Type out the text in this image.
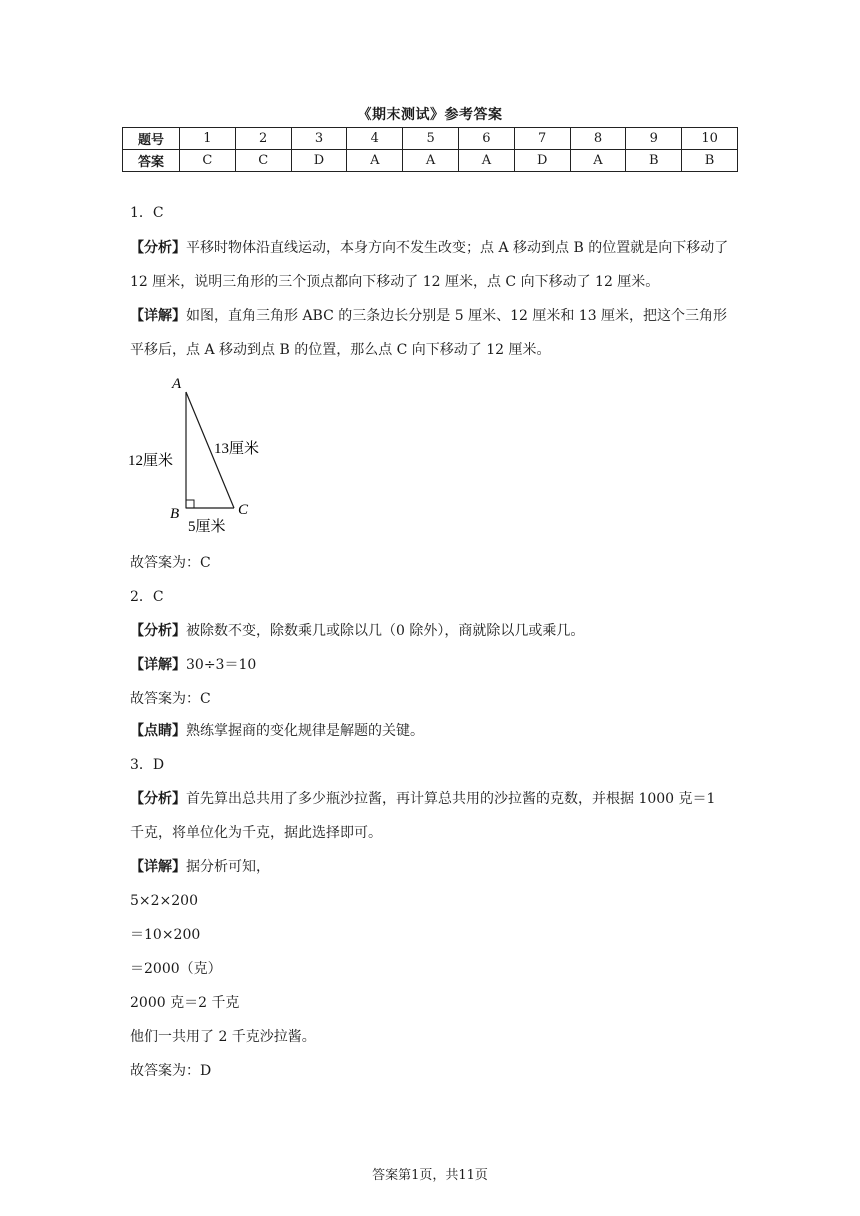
《期末测试》参考答案
题号	1	2	3	4	5	6	7	8	9	10
答案	C	C	D	A	A	A	D	A	B	B
1．C
【分析】平移时物体沿直线运动，本身方向不发生改变；点 A 移动到点 B 的位置就是向下移动了 12 厘米，说明三角形的三个顶点都向下移动了 12 厘米，点 C 向下移动了 12 厘米。
【详解】如图，直角三角形 ABC 的三条边长分别是 5 厘米、12 厘米和 13 厘米，把这个三角形平移后，点 A 移动到点 B 的位置，那么点 C 向下移动了 12 厘米。
A
B	C
12厘米
13厘米
5厘米
故答案为：C
2．C
【分析】被除数不变，除数乘几或除以几（0 除外），商就除以几或乘几。
【详解】30÷3＝10
故答案为：C
【点睛】熟练掌握商的变化规律是解题的关键。
3．D
【分析】首先算出总共用了多少瓶沙拉酱，再计算总共用的沙拉酱的克数，并根据 1000 克＝1 千克，将单位化为千克，据此选择即可。
【详解】据分析可知，
5×2×200
＝10×200
＝2000（克）
2000 克＝2 千克
他们一共用了 2 千克沙拉酱。
故答案为：D
答案第1页，共11页
